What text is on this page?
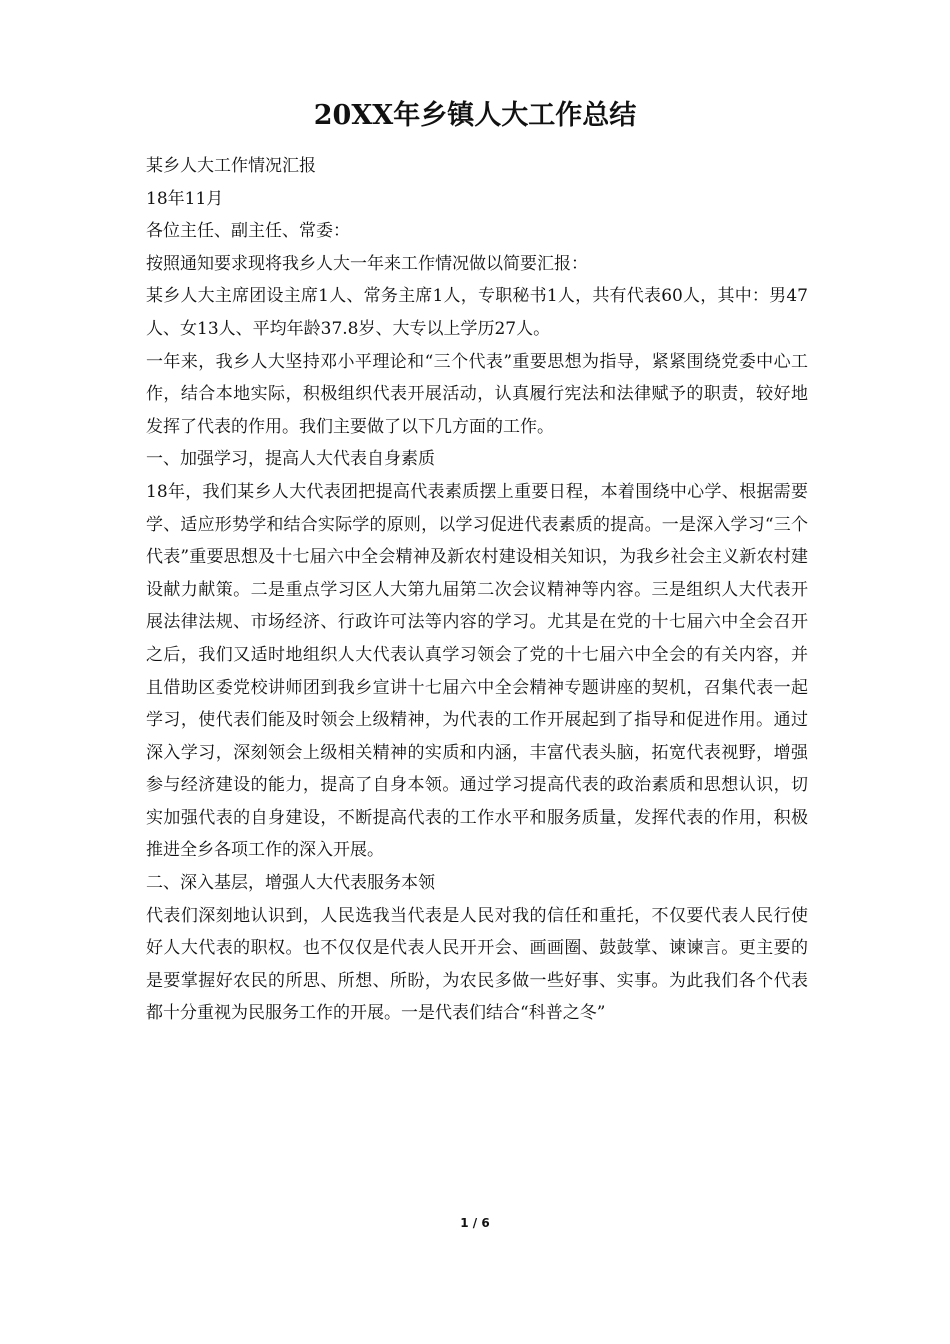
20XX年乡镇人大工作总结

某乡人大工作情况汇报

18年11月

各位主任、副主任、常委：

按照通知要求现将我乡人大一年来工作情况做以简要汇报：

某乡人大主席团设主席1人、常务主席1人，专职秘书1人，共有代表60人，其中：男47人、女13人、平均年龄37.8岁、大专以上学历27人。

一年来，我乡人大坚持邓小平理论和“三个代表”重要思想为指导，紧紧围绕党委中心工作，结合本地实际，积极组织代表开展活动，认真履行宪法和法律赋予的职责，较好地发挥了代表的作用。我们主要做了以下几方面的工作。

一、加强学习，提高人大代表自身素质

18年，我们某乡人大代表团把提高代表素质摆上重要日程，本着围绕中心学、根据需要学、适应形势学和结合实际学的原则，以学习促进代表素质的提高。一是深入学习“三个代表”重要思想及十七届六中全会精神及新农村建设相关知识，为我乡社会主义新农村建设献力献策。二是重点学习区人大第九届第二次会议精神等内容。三是组织人大代表开展法律法规、市场经济、行政许可法等内容的学习。尤其是在党的十七届六中全会召开之后，我们又适时地组织人大代表认真学习领会了党的十七届六中全会的有关内容，并且借助区委党校讲师团到我乡宣讲十七届六中全会精神专题讲座的契机，召集代表一起学习，使代表们能及时领会上级精神，为代表的工作开展起到了指导和促进作用。通过深入学习，深刻领会上级相关精神的实质和内涵，丰富代表头脑，拓宽代表视野，增强参与经济建设的能力，提高了自身本领。通过学习提高代表的政治素质和思想认识，切实加强代表的自身建设，不断提高代表的工作水平和服务质量，发挥代表的作用，积极推进全乡各项工作的深入开展。

二、深入基层，增强人大代表服务本领

代表们深刻地认识到，人民选我当代表是人民对我的信任和重托，不仅要代表人民行使好人大代表的职权。也不仅仅是代表人民开开会、画画圈、鼓鼓掌、谏谏言。更主要的是要掌握好农民的所思、所想、所盼，为农民多做一些好事、实事。为此我们各个代表都十分重视为民服务工作的开展。一是代表们结合“科普之冬”

1 / 6
